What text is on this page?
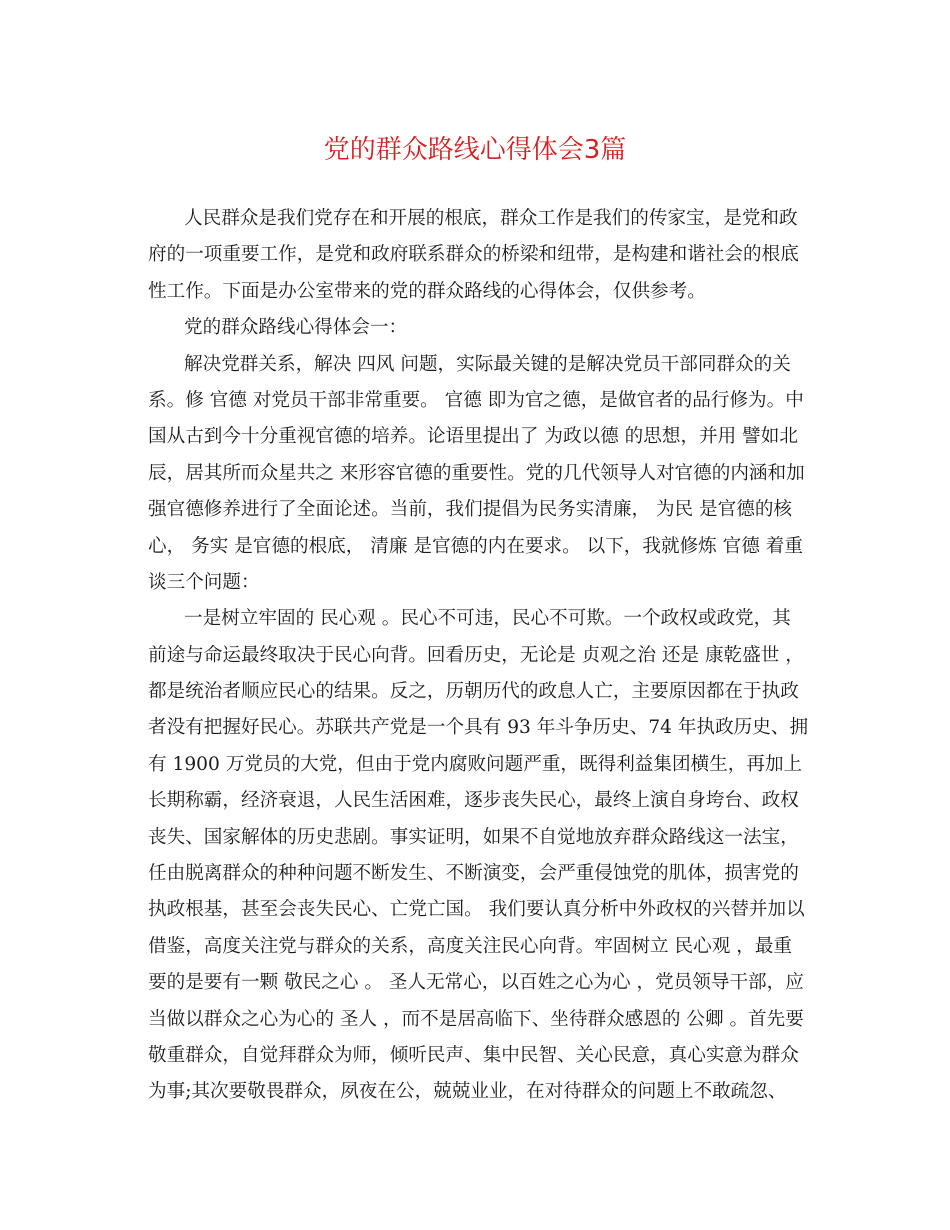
党的群众路线心得体会3篇
人民群众是我们党存在和开展的根底，群众工作是我们的传家宝，是党和政
府的一项重要工作，是党和政府联系群众的桥梁和纽带，是构建和谐社会的根底
性工作。下面是办公室带来的党的群众路线的心得体会，仅供参考。
党的群众路线心得体会一：
解决党群关系，解决 四风 问题，实际最关键的是解决党员干部同群众的关
系。修 官德 对党员干部非常重要。 官德 即为官之德，是做官者的品行修为。中
国从古到今十分重视官德的培养。论语里提出了 为政以德 的思想，并用 譬如北
辰，居其所而众星共之 来形容官德的重要性。党的几代领导人对官德的内涵和加
强官德修养进行了全面论述。当前，我们提倡为民务实清廉， 为民 是官德的核
心， 务实 是官德的根底， 清廉 是官德的内在要求。 以下，我就修炼 官德 着重
谈三个问题：
一是树立牢固的 民心观 。民心不可违，民心不可欺。一个政权或政党，其
前途与命运最终取决于民心向背。回看历史，无论是 贞观之治 还是 康乾盛世 ，
都是统治者顺应民心的结果。反之，历朝历代的政息人亡，主要原因都在于执政
者没有把握好民心。苏联共产党是一个具有 93 年斗争历史、74 年执政历史、拥
有 1900 万党员的大党，但由于党内腐败问题严重，既得利益集团横生，再加上
长期称霸，经济衰退，人民生活困难，逐步丧失民心，最终上演自身垮台、政权
丧失、国家解体的历史悲剧。事实证明，如果不自觉地放弃群众路线这一法宝，
任由脱离群众的种种问题不断发生、不断演变，会严重侵蚀党的肌体，损害党的
执政根基，甚至会丧失民心、亡党亡国。 我们要认真分析中外政权的兴替并加以
借鉴，高度关注党与群众的关系，高度关注民心向背。牢固树立 民心观 ，最重
要的是要有一颗 敬民之心 。 圣人无常心，以百姓之心为心 ，党员领导干部，应
当做以群众之心为心的 圣人 ，而不是居高临下、坐待群众感恩的 公卿 。首先要
敬重群众，自觉拜群众为师，倾听民声、集中民智、关心民意，真心实意为群众
为事;其次要敬畏群众，夙夜在公，兢兢业业，在对待群众的问题上不敢疏忽、
